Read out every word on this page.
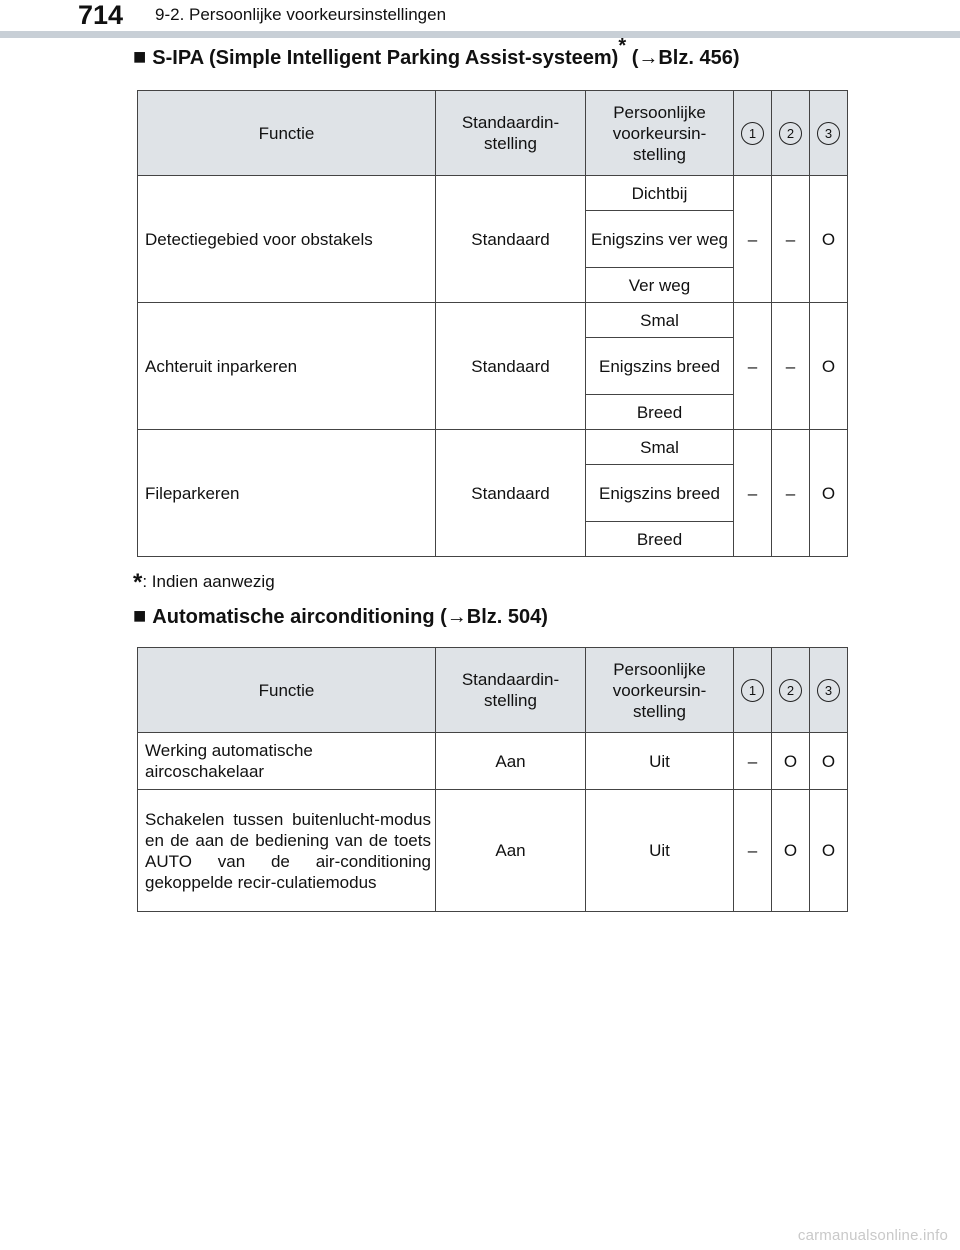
714 9-2. Persoonlijke voorkeursinstellingen
■ S-IPA (Simple Intelligent Parking Assist-systeem)* (→Blz. 456)
Functie	Standaardin-stelling	Persoonlijke voorkeursin-stelling	1	2	3
Detectiegebied voor obstakels	Standaard	Dichtbij	–	–	O
		Enigszins ver weg			
		Ver weg			
Achteruit inparkeren	Standaard	Smal	–	–	O
		Enigszins breed			
		Breed			
Fileparkeren	Standaard	Smal	–	–	O
		Enigszins breed			
		Breed			
*: Indien aanwezig
■ Automatische airconditioning (→Blz. 504)
Functie	Standaardin-stelling	Persoonlijke voorkeursin-stelling	1	2	3
Werking automatische aircoschakelaar	Aan	Uit	–	O	O
Schakelen tussen buitenlucht-modus en de aan de bediening van de toets AUTO van de air-conditioning gekoppelde recir-culatiemodus	Aan	Uit	–	O	O
carmanualsonline.info
